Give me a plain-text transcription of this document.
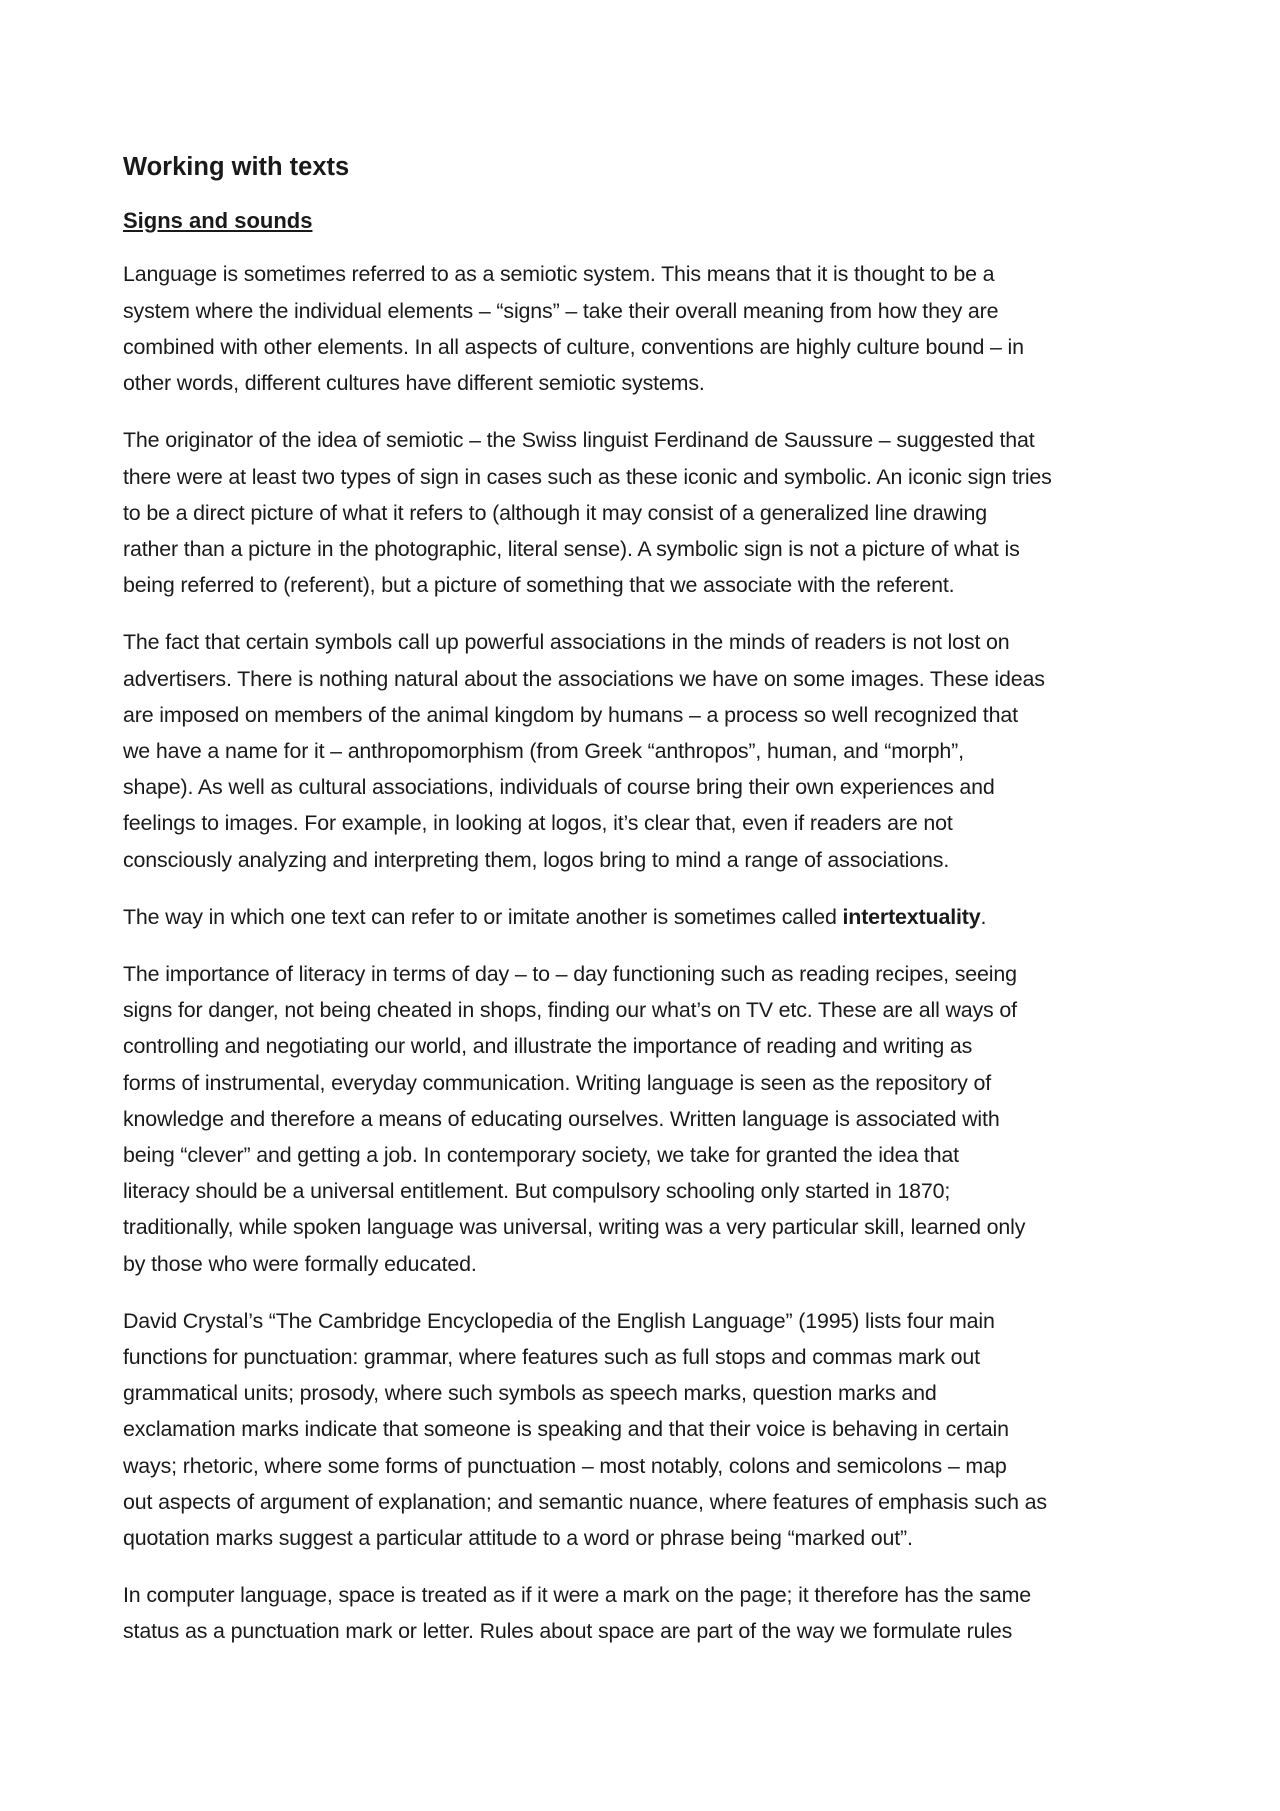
Working with texts
Signs and sounds

Language is sometimes referred to as a semiotic system. This means that it is thought to be a
system where the individual elements – “signs” – take their overall meaning from how they are
combined with other elements. In all aspects of culture, conventions are highly culture bound – in
other words, different cultures have different semiotic systems.

The originator of the idea of semiotic – the Swiss linguist Ferdinand de Saussure – suggested that
there were at least two types of sign in cases such as these iconic and symbolic. An iconic sign tries
to be a direct picture of what it refers to (although it may consist of a generalized line drawing
rather than a picture in the photographic, literal sense). A symbolic sign is not a picture of what is
being referred to (referent), but a picture of something that we associate with the referent.

The fact that certain symbols call up powerful associations in the minds of readers is not lost on
advertisers. There is nothing natural about the associations we have on some images. These ideas
are imposed on members of the animal kingdom by humans – a process so well recognized that
we have a name for it – anthropomorphism (from Greek “anthropos”, human, and “morph”,
shape). As well as cultural associations, individuals of course bring their own experiences and
feelings to images. For example, in looking at logos, it’s clear that, even if readers are not
consciously analyzing and interpreting them, logos bring to mind a range of associations.

The way in which one text can refer to or imitate another is sometimes called intertextuality.

The importance of literacy in terms of day – to – day functioning such as reading recipes, seeing
signs for danger, not being cheated in shops, finding our what’s on TV etc. These are all ways of
controlling and negotiating our world, and illustrate the importance of reading and writing as
forms of instrumental, everyday communication. Writing language is seen as the repository of
knowledge and therefore a means of educating ourselves. Written language is associated with
being “clever” and getting a job. In contemporary society, we take for granted the idea that
literacy should be a universal entitlement. But compulsory schooling only started in 1870;
traditionally, while spoken language was universal, writing was a very particular skill, learned only
by those who were formally educated.

David Crystal’s “The Cambridge Encyclopedia of the English Language” (1995) lists four main
functions for punctuation: grammar, where features such as full stops and commas mark out
grammatical units; prosody, where such symbols as speech marks, question marks and
exclamation marks indicate that someone is speaking and that their voice is behaving in certain
ways; rhetoric, where some forms of punctuation – most notably, colons and semicolons – map
out aspects of argument of explanation; and semantic nuance, where features of emphasis such as
quotation marks suggest a particular attitude to a word or phrase being “marked out”.

In computer language, space is treated as if it were a mark on the page; it therefore has the same
status as a punctuation mark or letter. Rules about space are part of the way we formulate rules
